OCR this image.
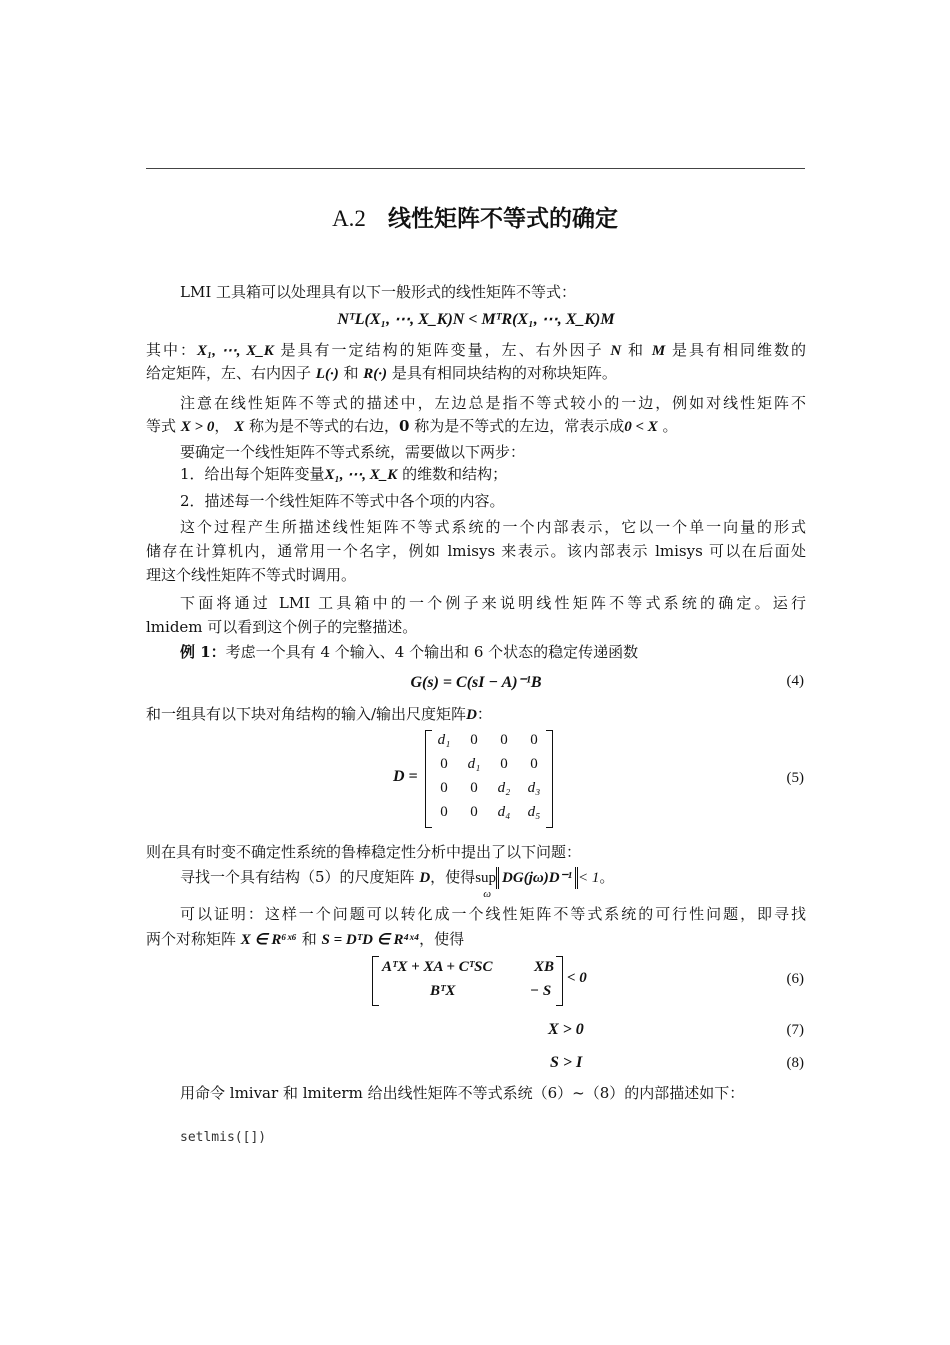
A.2 线性矩阵不等式的确定
LMI 工具箱可以处理具有以下一般形式的线性矩阵不等式：
NᵀL(X₁, ⋯, X_K)N < MᵀR(X₁, ⋯, X_K)M
其中：X₁, ⋯, X_K 是具有一定结构的矩阵变量，左、右外因子 N 和 M 是具有相同维数的
给定矩阵，左、右内因子 L(·) 和 R(·) 是具有相同块结构的对称块矩阵。
注意在线性矩阵不等式的描述中，左边总是指不等式较小的一边，例如对线性矩阵不
等式 X > 0， X 称为是不等式的右边，0 称为是不等式的左边，常表示成0 < X 。
要确定一个线性矩阵不等式系统，需要做以下两步：
1．给出每个矩阵变量X₁, ⋯, X_K 的维数和结构；
2．描述每一个线性矩阵不等式中各个项的内容。
这个过程产生所描述线性矩阵不等式系统的一个内部表示，它以一个单一向量的形式
储存在计算机内，通常用一个名字，例如 lmisys 来表示。该内部表示 lmisys 可以在后面处
理这个线性矩阵不等式时调用。
下面将通过 LMI 工具箱中的一个例子来说明线性矩阵不等式系统的确定。运行
lmidem 可以看到这个例子的完整描述。
例 1：考虑一个具有 4 个输入、4 个输出和 6 个状态的稳定传递函数
G(s) = C(sI − A)⁻¹B	(4)
和一组具有以下块对角结构的输入/输出尺度矩阵D：
D =
d₁	0	0	0
0	d₁	0	0
0	0	d₂	d₃
0	0	d₄	d₅
(5)
则在具有时变不确定性系统的鲁棒稳定性分析中提出了以下问题：
寻找一个具有结构（5）的尺度矩阵 D，使得sup
ω
DG(jω)D⁻¹ < 1。
可以证明：这样一个问题可以转化成一个线性矩阵不等式系统的可行性问题，即寻找
两个对称矩阵 X ∈ R⁶ˣ⁶ 和 S = DᵀD ∈ R⁴ˣ⁴，使得
AᵀX + XA + CᵀSC	XB
BᵀX	− S
< 0	(6)
X > 0	(7)
S > I	(8)
用命令 lmivar 和 lmiterm 给出线性矩阵不等式系统（6）~（8）的内部描述如下：
setlmis([])
